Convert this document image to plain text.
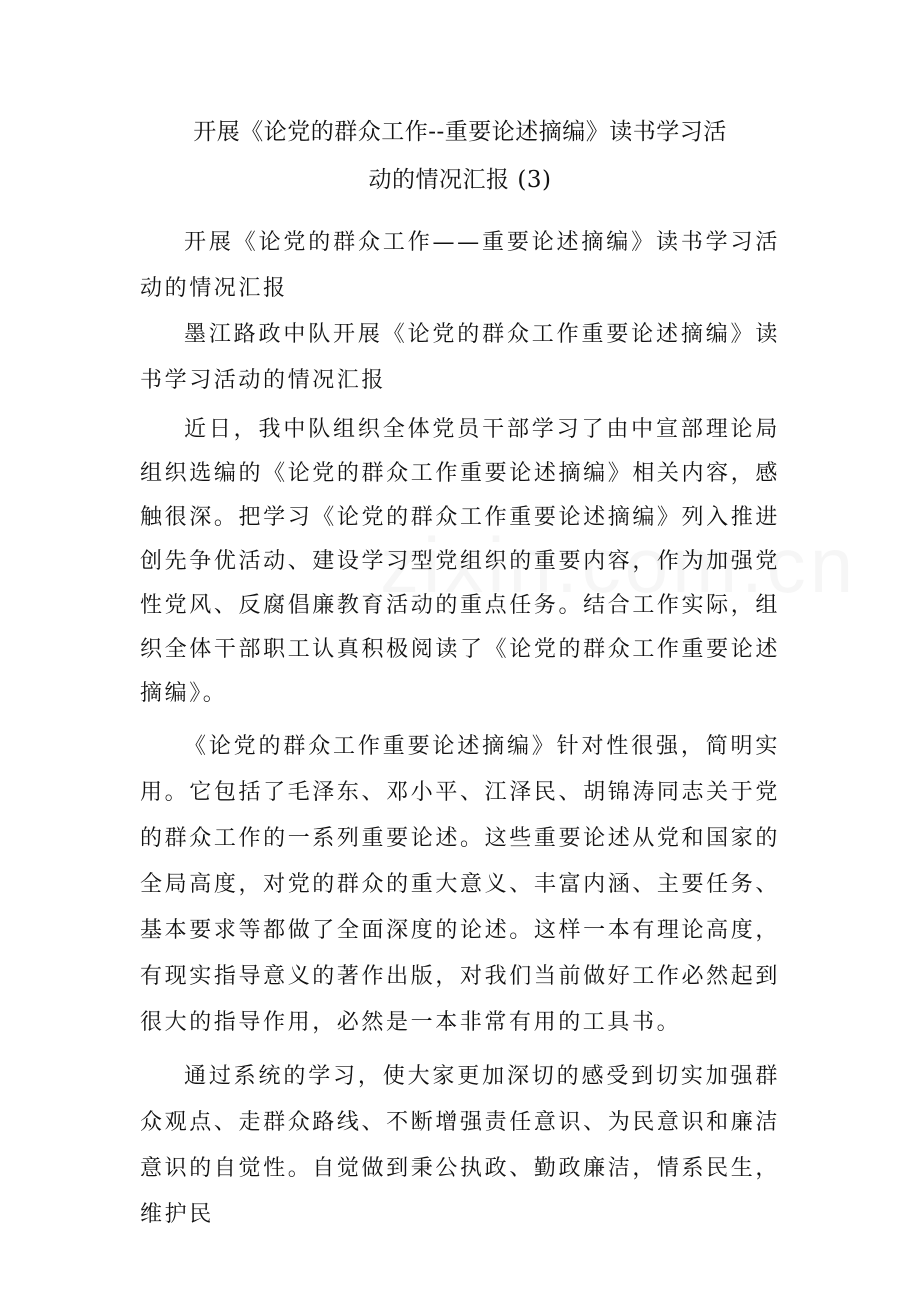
开展《论党的群众工作--重要论述摘编》读书学习活
动的情况汇报 (3)

开展《论党的群众工作——重要论述摘编》读书学习活动的情况汇报

墨江路政中队开展《论党的群众工作重要论述摘编》读书学习活动的情况汇报

近日，我中队组织全体党员干部学习了由中宣部理论局组织选编的《论党的群众工作重要论述摘编》相关内容，感触很深。把学习《论党的群众工作重要论述摘编》列入推进创先争优活动、建设学习型党组织的重要内容，作为加强党性党风、反腐倡廉教育活动的重点任务。结合工作实际，组织全体干部职工认真积极阅读了《论党的群众工作重要论述摘编》。

《论党的群众工作重要论述摘编》针对性很强，简明实用。它包括了毛泽东、邓小平、江泽民、胡锦涛同志关于党的群众工作的一系列重要论述。这些重要论述从党和国家的全局高度，对党的群众的重大意义、丰富内涵、主要任务、基本要求等都做了全面深度的论述。这样一本有理论高度，有现实指导意义的著作出版，对我们当前做好工作必然起到很大的指导作用，必然是一本非常有用的工具书。

通过系统的学习，使大家更加深切的感受到切实加强群众观点、走群众路线、不断增强责任意识、为民意识和廉洁意识的自觉性。自觉做到秉公执政、勤政廉洁，情系民生，维护民
